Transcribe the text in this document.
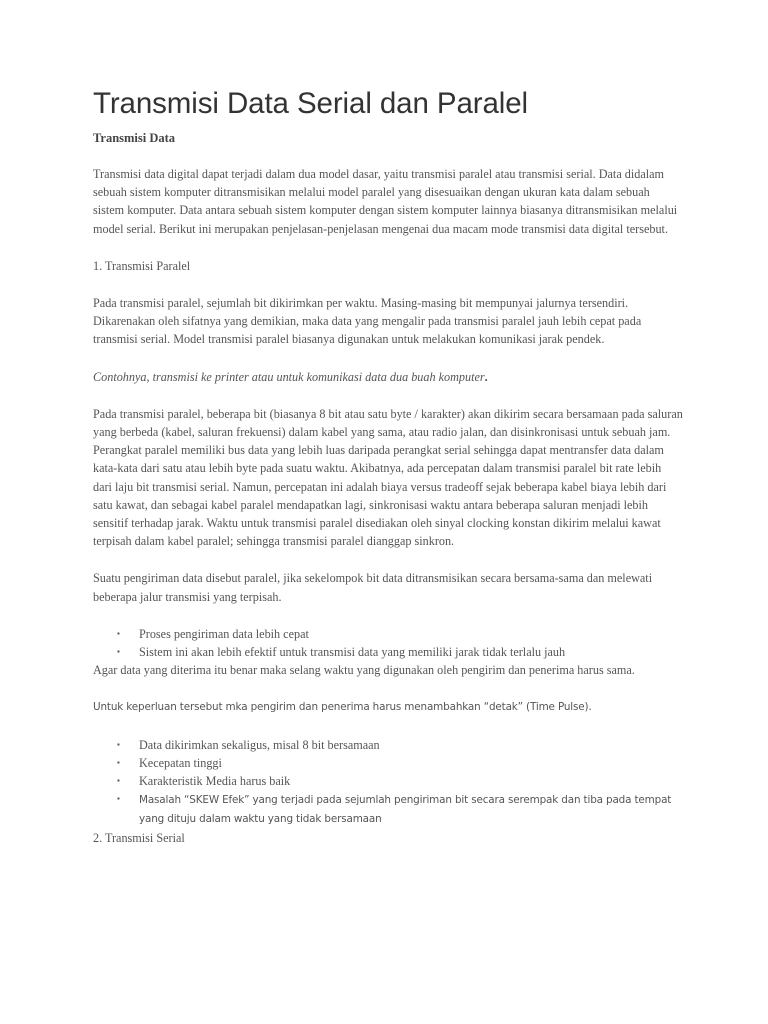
Transmisi Data Serial dan Paralel
Transmisi Data

Transmisi data digital dapat terjadi dalam dua model dasar, yaitu transmisi paralel atau transmisi serial. Data didalam sebuah sistem komputer ditransmisikan melalui model paralel yang disesuaikan dengan ukuran kata dalam sebuah sistem komputer. Data antara sebuah sistem komputer dengan sistem komputer lainnya biasanya ditransmisikan melalui model serial. Berikut ini merupakan penjelasan-penjelasan mengenai dua macam mode transmisi data digital tersebut.

1. Transmisi Paralel

Pada transmisi paralel, sejumlah bit dikirimkan per waktu. Masing-masing bit mempunyai jalurnya tersendiri. Dikarenakan oleh sifatnya yang demikian, maka data yang mengalir pada transmisi paralel jauh lebih cepat pada transmisi serial. Model transmisi paralel biasanya digunakan untuk melakukan komunikasi jarak pendek.

Contohnya, transmisi ke printer atau untuk komunikasi data dua buah komputer.

Pada transmisi paralel, beberapa bit (biasanya 8 bit atau satu byte / karakter) akan dikirim secara bersamaan pada saluran yang berbeda (kabel, saluran frekuensi) dalam kabel yang sama, atau radio jalan, dan disinkronisasi untuk sebuah jam. Perangkat paralel memiliki bus data yang lebih luas daripada perangkat serial sehingga dapat mentransfer data dalam kata-kata dari satu atau lebih byte pada suatu waktu. Akibatnya, ada percepatan dalam transmisi paralel bit rate lebih dari laju bit transmisi serial. Namun, percepatan ini adalah biaya versus tradeoff sejak beberapa kabel biaya lebih dari satu kawat, dan sebagai kabel paralel mendapatkan lagi, sinkronisasi waktu antara beberapa saluran menjadi lebih sensitif terhadap jarak. Waktu untuk transmisi paralel disediakan oleh sinyal clocking konstan dikirim melalui kawat terpisah dalam kabel paralel; sehingga transmisi paralel dianggap sinkron.

Suatu pengiriman data disebut paralel, jika sekelompok bit data ditransmisikan secara bersama-sama dan melewati beberapa jalur transmisi yang terpisah.

▪ Proses pengiriman data lebih cepat
▪ Sistem ini akan lebih efektif untuk transmisi data yang memiliki jarak tidak terlalu jauh

Agar data yang diterima itu benar maka selang waktu yang digunakan oleh pengirim dan penerima harus sama.

Untuk keperluan tersebut mka pengirim dan penerima harus menambahkan “detak” (Time Pulse).

▪ Data dikirimkan sekaligus, misal 8 bit bersamaan
▪ Kecepatan tinggi
▪ Karakteristik Media harus baik
▪ Masalah “SKEW Efek” yang terjadi pada sejumlah pengiriman bit secara serempak dan tiba pada tempat yang dituju dalam waktu yang tidak bersamaan

2. Transmisi Serial
